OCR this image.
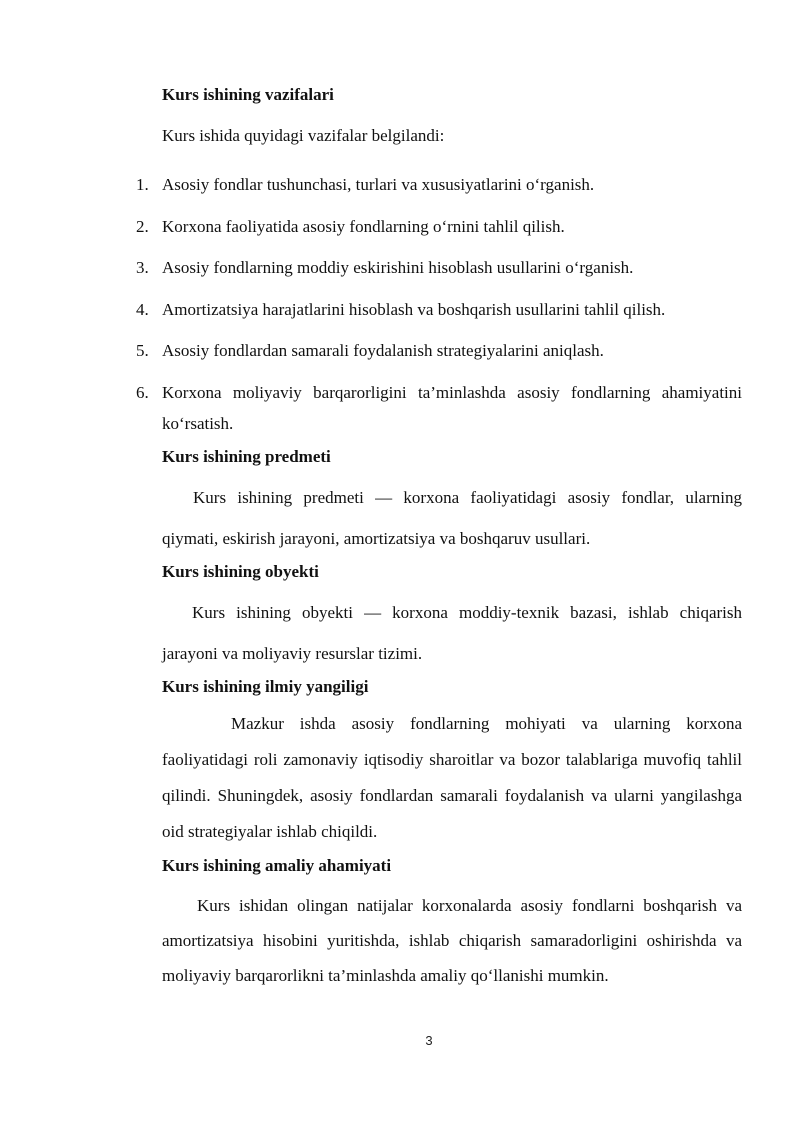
Kurs ishining vazifalari
Kurs ishida quyidagi vazifalar belgilandi:
1. Asosiy fondlar tushunchasi, turlari va xususiyatlarini o‘rganish.
2. Korxona faoliyatida asosiy fondlarning o‘rnini tahlil qilish.
3. Asosiy fondlarning moddiy eskirishini hisoblash usullarini o‘rganish.
4. Amortizatsiya harajatlarini hisoblash va boshqarish usullarini tahlil qilish.
5. Asosiy fondlardan samarali foydalanish strategiyalarini aniqlash.
6. Korxona moliyaviy barqarorligini ta’minlashda asosiy fondlarning ahamiyatini ko‘rsatish.
Kurs ishining predmeti
Kurs ishining predmeti — korxona faoliyatidagi asosiy fondlar, ularning qiymati, eskirish jarayoni, amortizatsiya va boshqaruv usullari.
Kurs ishining obyekti
Kurs ishining obyekti — korxona moddiy-texnik bazasi, ishlab chiqarish jarayoni va moliyaviy resurslar tizimi.
Kurs ishining ilmiy yangiligi
Mazkur ishda asosiy fondlarning mohiyati va ularning korxona faoliyatidagi roli zamonaviy iqtisodiy sharoitlar va bozor talablariga muvofiq tahlil qilindi. Shuningdek, asosiy fondlardan samarali foydalanish va ularni yangilashga oid strategiyalar ishlab chiqildi.
Kurs ishining amaliy ahamiyati
Kurs ishidan olingan natijalar korxonalarda asosiy fondlarni boshqarish va amortizatsiya hisobini yuritishda, ishlab chiqarish samaradorligini oshirishda va moliyaviy barqarorlikni ta’minlashda amaliy qo‘llanishi mumkin.
3
